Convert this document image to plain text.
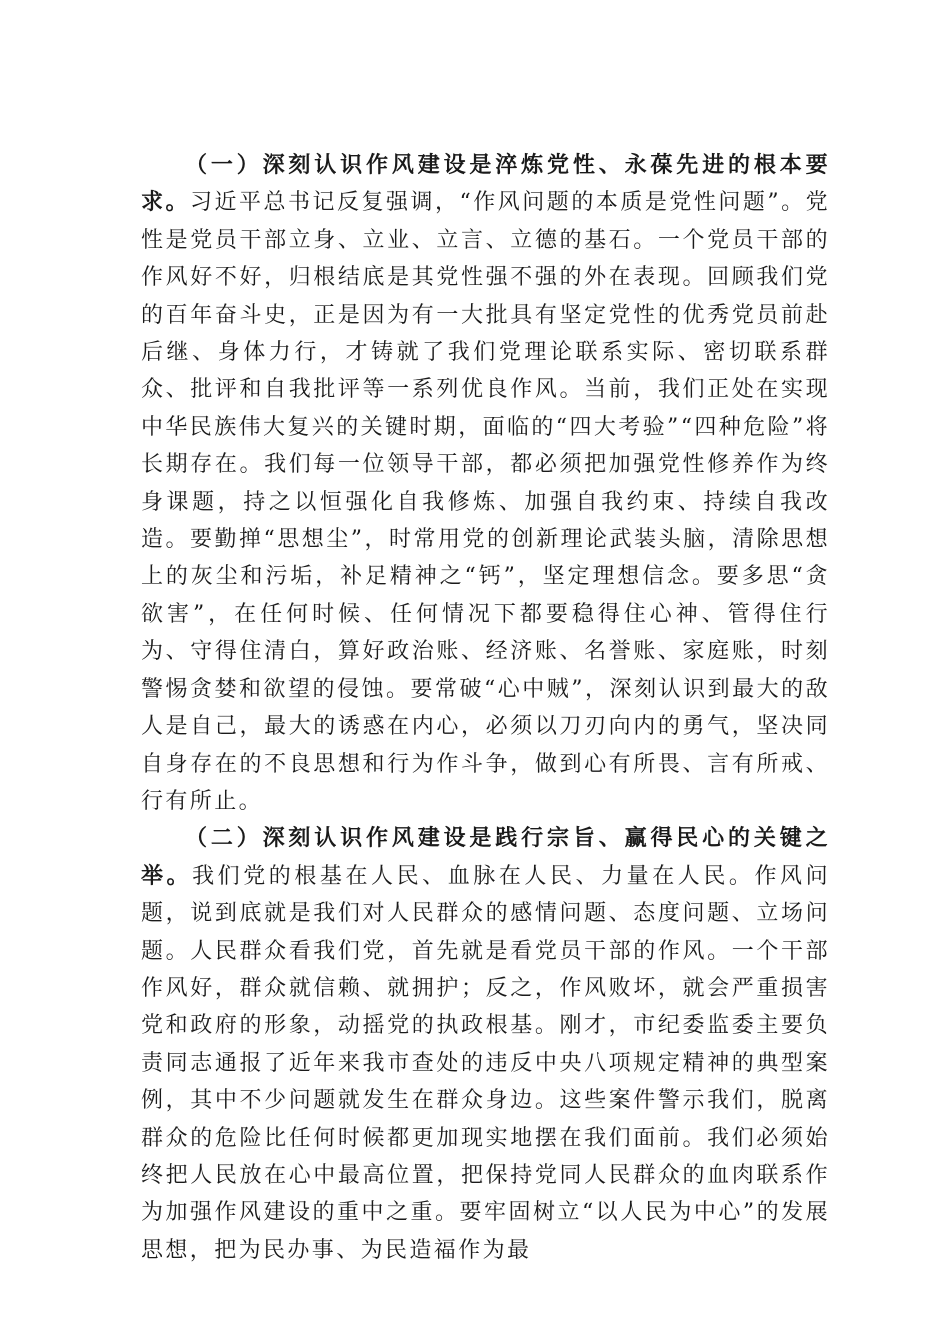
（一）深刻认识作风建设是淬炼党性、永葆先进的根本要求。习近平总书记反复强调，“作风问题的本质是党性问题”。党性是党员干部立身、立业、立言、立德的基石。一个党员干部的作风好不好，归根结底是其党性强不强的外在表现。回顾我们党的百年奋斗史，正是因为有一大批具有坚定党性的优秀党员前赴后继、身体力行，才铸就了我们党理论联系实际、密切联系群众、批评和自我批评等一系列优良作风。当前，我们正处在实现中华民族伟大复兴的关键时期，面临的“四大考验”“四种危险”将长期存在。我们每一位领导干部，都必须把加强党性修养作为终身课题，持之以恒强化自我修炼、加强自我约束、持续自我改造。要勤掸“思想尘”，时常用党的创新理论武装头脑，清除思想上的灰尘和污垢，补足精神之“钙”，坚定理想信念。要多思“贪欲害”，在任何时候、任何情况下都要稳得住心神、管得住行为、守得住清白，算好政治账、经济账、名誉账、家庭账，时刻警惕贪婪和欲望的侵蚀。要常破“心中贼”，深刻认识到最大的敌人是自己，最大的诱惑在内心，必须以刀刃向内的勇气，坚决同自身存在的不良思想和行为作斗争，做到心有所畏、言有所戒、行有所止。

（二）深刻认识作风建设是践行宗旨、赢得民心的关键之举。我们党的根基在人民、血脉在人民、力量在人民。作风问题，说到底就是我们对人民群众的感情问题、态度问题、立场问题。人民群众看我们党，首先就是看党员干部的作风。一个干部作风好，群众就信赖、就拥护；反之，作风败坏，就会严重损害党和政府的形象，动摇党的执政根基。刚才，市纪委监委主要负责同志通报了近年来我市查处的违反中央八项规定精神的典型案例，其中不少问题就发生在群众身边。这些案件警示我们，脱离群众的危险比任何时候都更加现实地摆在我们面前。我们必须始终把人民放在心中最高位置，把保持党同人民群众的血肉联系作为加强作风建设的重中之重。要牢固树立“以人民为中心”的发展思想，把为民办事、为民造福作为最
